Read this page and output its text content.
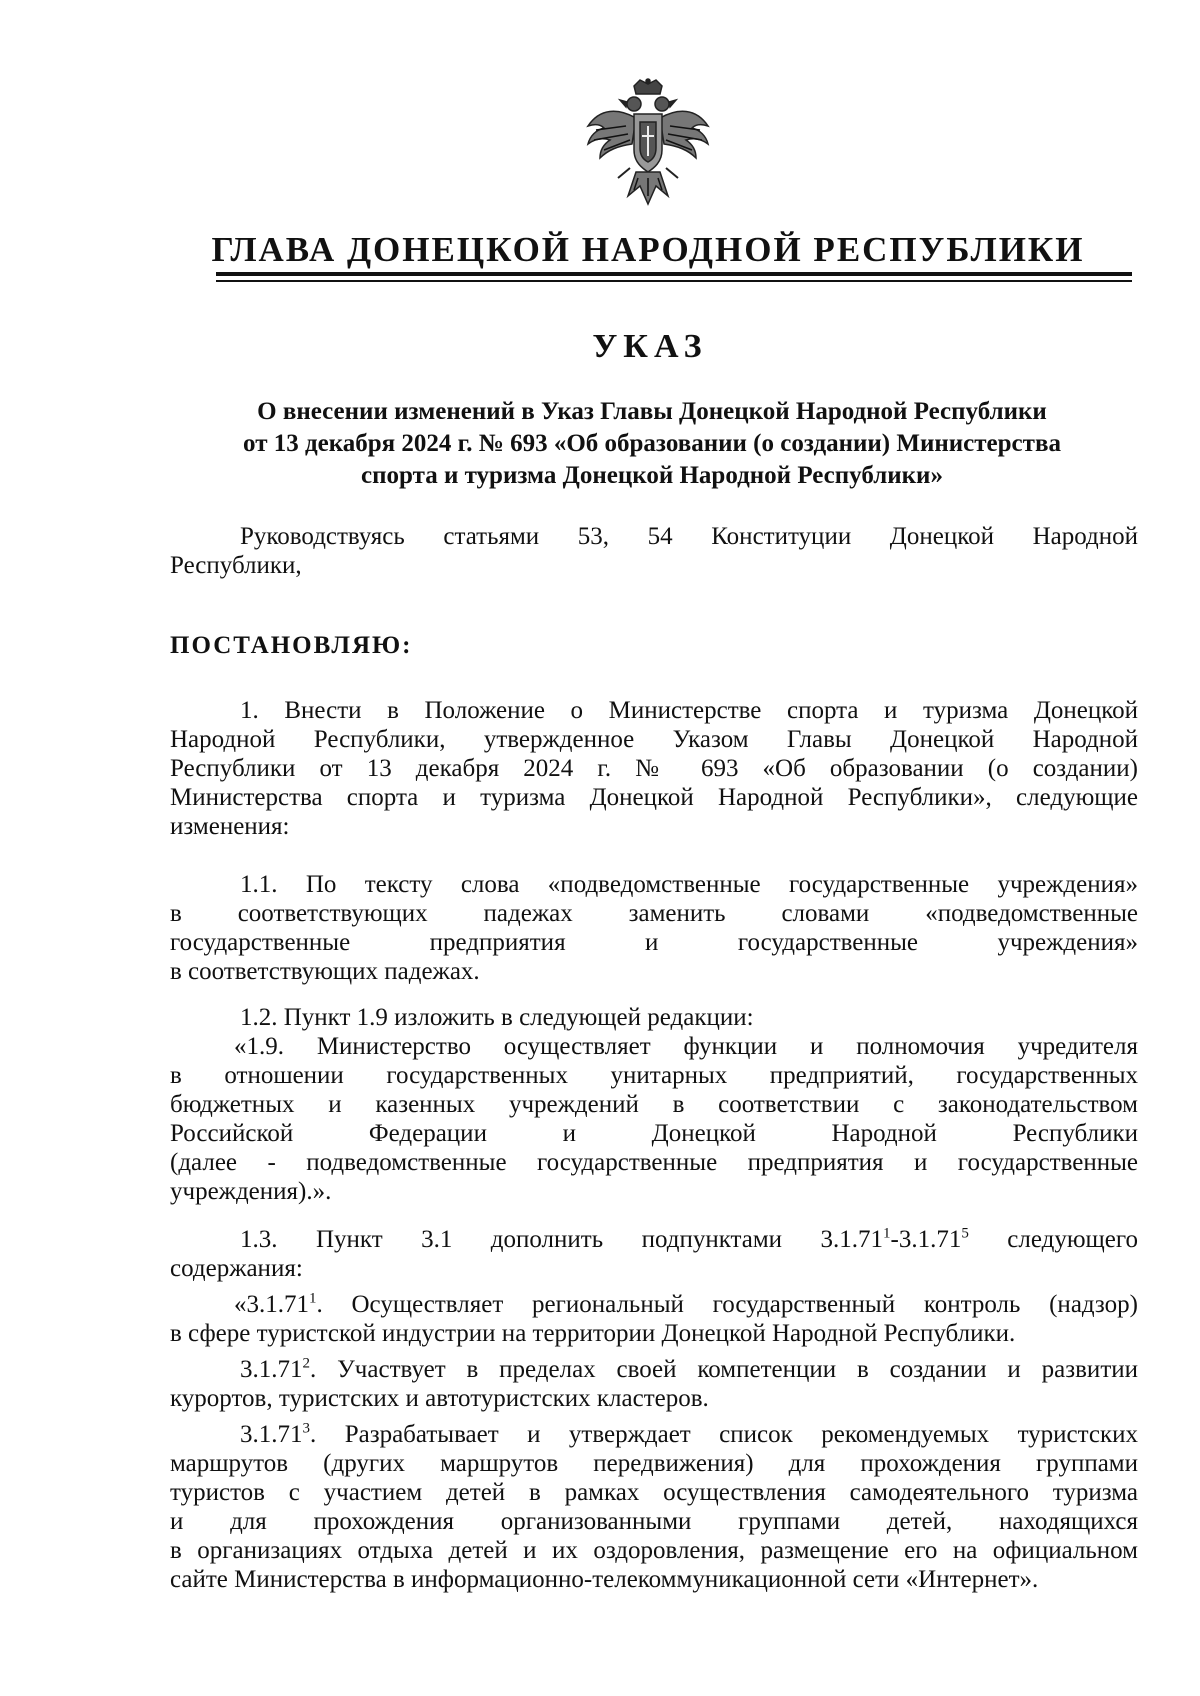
ГЛАВА ДОНЕЦКОЙ НАРОДНОЙ РЕСПУБЛИКИ
УКАЗ
О внесении изменений в Указ Главы Донецкой Народной Республики
от 13 декабря 2024 г. № 693 «Об образовании (о создании) Министерства
спорта и туризма Донецкой Народной Республики»
Руководствуясь статьями 53, 54 Конституции Донецкой Народной
Республики,
ПОСТАНОВЛЯЮ:
1. Внести в Положение о Министерстве спорта и туризма Донецкой
Народной Республики, утвержденное Указом Главы Донецкой Народной
Республики от 13 декабря 2024 г. № 693 «Об образовании (о создании)
Министерства спорта и туризма Донецкой Народной Республики», следующие
изменения:
1.1. По тексту слова «подведомственные государственные учреждения»
в соответствующих падежах заменить словами «подведомственные
государственные предприятия и государственные учреждения»
в соответствующих падежах.
1.2. Пункт 1.9 изложить в следующей редакции:
«1.9. Министерство осуществляет функции и полномочия учредителя
в отношении государственных унитарных предприятий, государственных
бюджетных и казенных учреждений в соответствии с законодательством
Российской Федерации и Донецкой Народной Республики
(далее - подведомственные государственные предприятия и государственные
учреждения).».
1.3. Пункт 3.1 дополнить подпунктами 3.1.71$^1$-3.1.71$^5$ следующего
содержания:
«3.1.71$^1$. Осуществляет региональный государственный контроль (надзор)
в сфере туристской индустрии на территории Донецкой Народной Республики.
3.1.71$^2$. Участвует в пределах своей компетенции в создании и развитии
курортов, туристских и автотуристских кластеров.
3.1.71$^3$. Разрабатывает и утверждает список рекомендуемых туристских
маршрутов (других маршрутов передвижения) для прохождения группами
туристов с участием детей в рамках осуществления самодеятельного туризма
и для прохождения организованными группами детей, находящихся
в организациях отдыха детей и их оздоровления, размещение его на официальном
сайте Министерства в информационно-телекоммуникационной сети «Интернет».
